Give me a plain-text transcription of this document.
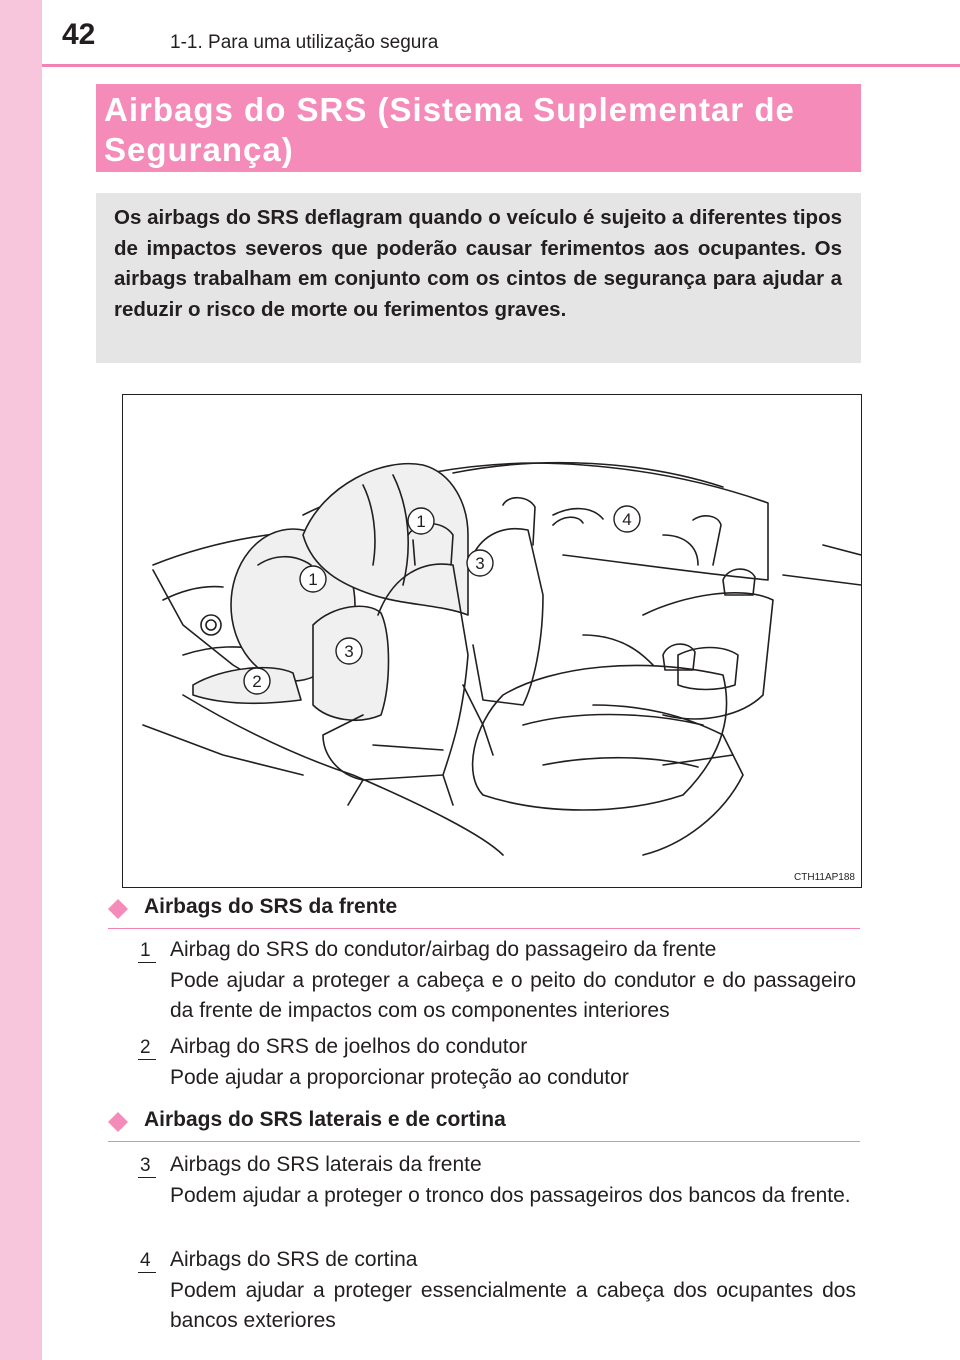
42	1-1. Para uma utilização segura
Airbags do SRS (Sistema Suplementar de Segurança)
Os airbags do SRS deflagram quando o veículo é sujeito a diferentes tipos de impactos severos que poderão causar ferimentos aos ocupantes. Os airbags trabalham em conjunto com os cintos de segurança para ajudar a reduzir o risco de morte ou ferimentos graves.
1
1
2
3
3
4
CTH11AP188
Airbags do SRS da frente
1 Airbag do SRS do condutor/airbag do passageiro da frente

Pode ajudar a proteger a cabeça e o peito do condutor e do passageiro da frente de impactos com os componentes interiores

2 Airbag do SRS de joelhos do condutor

Pode ajudar a proporcionar proteção ao condutor

Airbags do SRS laterais e de cortina
3 Airbags do SRS laterais da frente

Podem ajudar a proteger o tronco dos passageiros dos bancos da frente.

4 Airbags do SRS de cortina

Podem ajudar a proteger essencialmente a cabeça dos ocupantes dos bancos exteriores
